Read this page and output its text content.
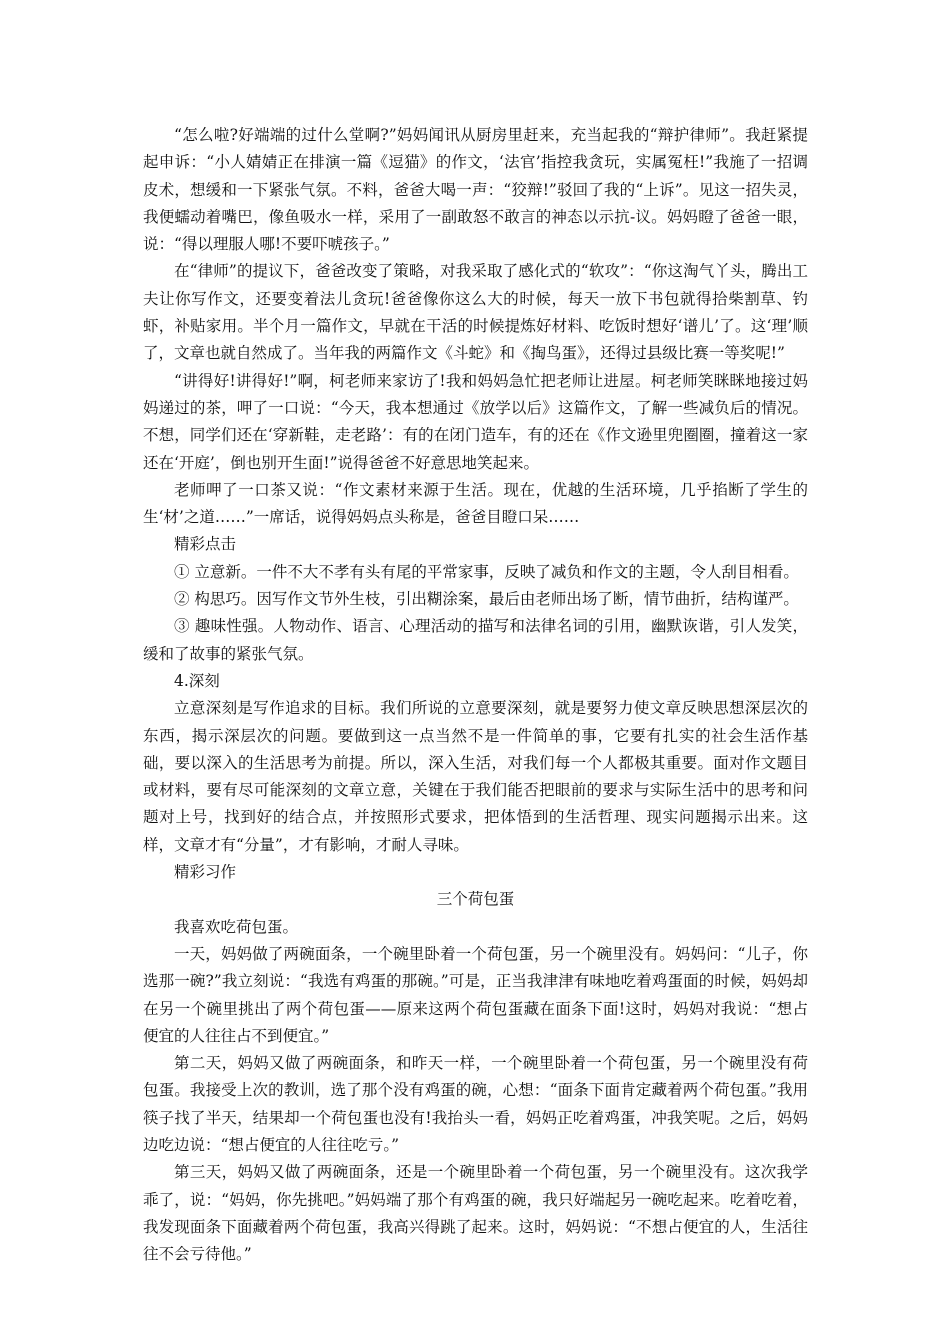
“怎么啦?好端端的过什么堂啊?”妈妈闻讯从厨房里赶来，充当起我的“辩护律师”。我赶紧提起申诉：“小人婧婧正在排演一篇《逗猫》的作文，‘法官’指控我贪玩，实属冤枉!”我施了一招调皮术，想缓和一下紧张气氛。不料，爸爸大喝一声：“狡辩!”驳回了我的“上诉”。见这一招失灵，我便蠕动着嘴巴，像鱼吸水一样，采用了一副敢怒不敢言的神态以示抗-议。妈妈瞪了爸爸一眼，说：“得以理服人哪!不要吓唬孩子。”

在“律师”的提议下，爸爸改变了策略，对我采取了感化式的“软攻”：“你这淘气丫头，腾出工夫让你写作文，还要变着法儿贪玩!爸爸像你这么大的时候，每天一放下书包就得拾柴割草、钓虾，补贴家用。半个月一篇作文，早就在干活的时候提炼好材料、吃饭时想好‘谱儿’了。这‘理’顺了，文章也就自然成了。当年我的两篇作文《斗蛇》和《掏鸟蛋》，还得过县级比赛一等奖呢!”

“讲得好!讲得好!”啊，柯老师来家访了!我和妈妈急忙把老师让进屋。柯老师笑眯眯地接过妈妈递过的茶，呷了一口说：“今天，我本想通过《放学以后》这篇作文，了解一些减负后的情况。不想，同学们还在‘穿新鞋，走老路’：有的在闭门造车，有的还在《作文逊里兜圈圈，撞着这一家还在‘开庭’，倒也别开生面!”说得爸爸不好意思地笑起来。

老师呷了一口茶又说：“作文素材来源于生活。现在，优越的生活环境，几乎掐断了学生的生‘材’之道……”一席话，说得妈妈点头称是，爸爸目瞪口呆……

精彩点击

① 立意新。一件不大不孝有头有尾的平常家事，反映了减负和作文的主题，令人刮目相看。

② 构思巧。因写作文节外生枝，引出糊涂案，最后由老师出场了断，情节曲折，结构谨严。

③ 趣味性强。人物动作、语言、心理活动的描写和法律名词的引用，幽默诙谐，引人发笑，缓和了故事的紧张气氛。

4.深刻

立意深刻是写作追求的目标。我们所说的立意要深刻，就是要努力使文章反映思想深层次的东西，揭示深层次的问题。要做到这一点当然不是一件简单的事，它要有扎实的社会生活作基础，要以深入的生活思考为前提。所以，深入生活，对我们每一个人都极其重要。面对作文题目或材料，要有尽可能深刻的文章立意，关键在于我们能否把眼前的要求与实际生活中的思考和问题对上号，找到好的结合点，并按照形式要求，把体悟到的生活哲理、现实问题揭示出来。这样，文章才有“分量”，才有影响，才耐人寻味。

精彩习作

三个荷包蛋

我喜欢吃荷包蛋。

一天，妈妈做了两碗面条，一个碗里卧着一个荷包蛋，另一个碗里没有。妈妈问：“儿子，你选那一碗?”我立刻说：“我选有鸡蛋的那碗。”可是，正当我津津有味地吃着鸡蛋面的时候，妈妈却在另一个碗里挑出了两个荷包蛋——原来这两个荷包蛋藏在面条下面!这时，妈妈对我说：“想占便宜的人往往占不到便宜。”

第二天，妈妈又做了两碗面条，和昨天一样，一个碗里卧着一个荷包蛋，另一个碗里没有荷包蛋。我接受上次的教训，选了那个没有鸡蛋的碗，心想：“面条下面肯定藏着两个荷包蛋。”我用筷子找了半天，结果却一个荷包蛋也没有!我抬头一看，妈妈正吃着鸡蛋，冲我笑呢。之后，妈妈边吃边说：“想占便宜的人往往吃亏。”

第三天，妈妈又做了两碗面条，还是一个碗里卧着一个荷包蛋，另一个碗里没有。这次我学乖了，说：“妈妈，你先挑吧。”妈妈端了那个有鸡蛋的碗，我只好端起另一碗吃起来。吃着吃着，我发现面条下面藏着两个荷包蛋，我高兴得跳了起来。这时，妈妈说：“不想占便宜的人，生活往往不会亏待他。”
